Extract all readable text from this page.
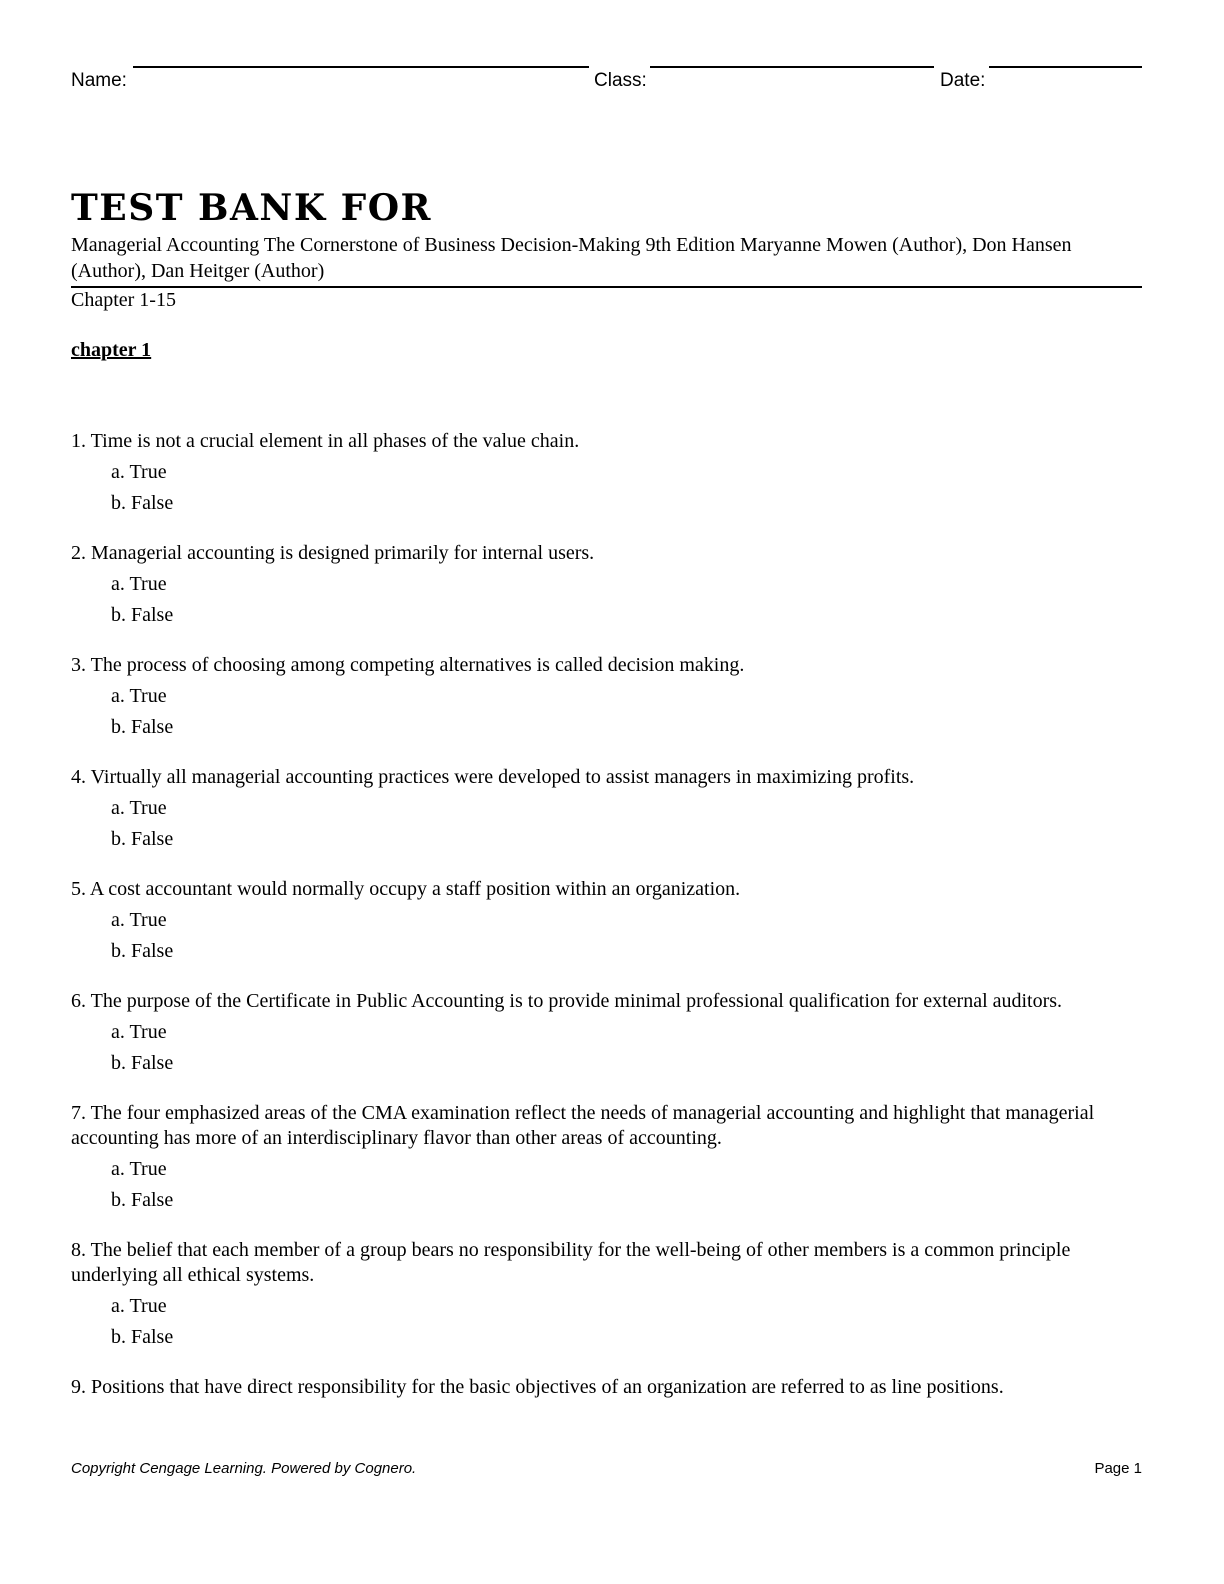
Name:	Class:	Date:
TEST BANK FOR
Managerial Accounting The Cornerstone of Business Decision-Making 9th Edition Maryanne Mowen (Author), Don Hansen (Author), Dan Heitger (Author)
Chapter 1-15
chapter 1
1. Time is not a crucial element in all phases of the value chain.
a. True
b. False
2. Managerial accounting is designed primarily for internal users.
a. True
b. False
3. The process of choosing among competing alternatives is called decision making.
a. True
b. False
4. Virtually all managerial accounting practices were developed to assist managers in maximizing profits.
a. True
b. False
5. A cost accountant would normally occupy a staff position within an organization.
a. True
b. False
6. The purpose of the Certificate in Public Accounting is to provide minimal professional qualification for external auditors.
a. True
b. False
7. The four emphasized areas of the CMA examination reflect the needs of managerial accounting and highlight that managerial accounting has more of an interdisciplinary flavor than other areas of accounting.
a. True
b. False
8. The belief that each member of a group bears no responsibility for the well-being of other members is a common principle underlying all ethical systems.
a. True
b. False
9. Positions that have direct responsibility for the basic objectives of an organization are referred to as line positions.
Copyright Cengage Learning. Powered by Cognero.	Page 1
